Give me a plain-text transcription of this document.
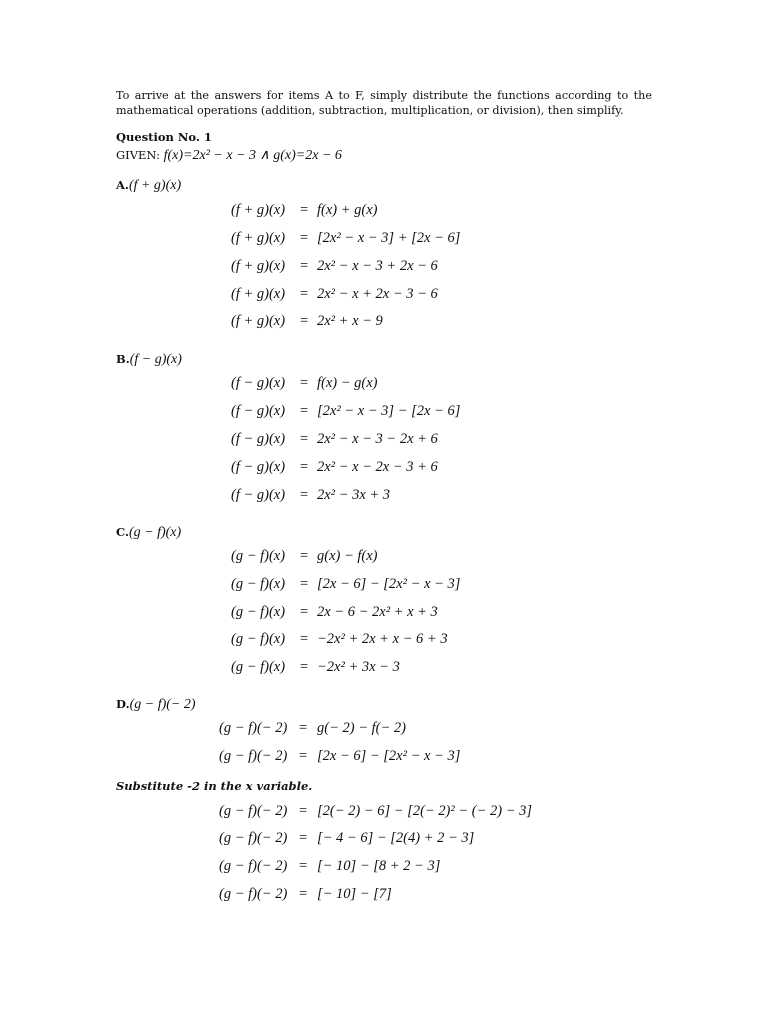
To arrive at the answers for items A to F, simply distribute the functions according to the mathematical operations (addition, subtraction, multiplication, or division), then simplify.

Question No. 1

GIVEN: f(x)=2x² − x − 3 ∧ g(x)=2x − 6

A.(f + g)(x)

(f + g)(x) = f(x) + g(x)
(f + g)(x) = [2x² − x − 3] + [2x − 6]
(f + g)(x) = 2x² − x − 3 + 2x − 6
(f + g)(x) = 2x² − x + 2x − 3 − 6
(f + g)(x) = 2x² + x − 9

B.(f − g)(x)

(f − g)(x) = f(x) − g(x)
(f − g)(x) = [2x² − x − 3] − [2x − 6]
(f − g)(x) = 2x² − x − 3 − 2x + 6
(f − g)(x) = 2x² − x − 2x − 3 + 6
(f − g)(x) = 2x² − 3x + 3

C.(g − f)(x)

(g − f)(x) = g(x) − f(x)
(g − f)(x) = [2x − 6] − [2x² − x − 3]
(g − f)(x) = 2x − 6 − 2x² + x + 3
(g − f)(x) = −2x² + 2x + x − 6 + 3
(g − f)(x) = −2x² + 3x − 3

D.(g − f)(− 2)

(g − f)(− 2) = g(− 2) − f(− 2)
(g − f)(− 2) = [2x − 6] − [2x² − x − 3]

Substitute -2 in the x variable.

(g − f)(− 2) = [2(− 2) − 6] − [2(− 2)² − (− 2) − 3]
(g − f)(− 2) = [− 4 − 6] − [2(4) + 2 − 3]
(g − f)(− 2) = [− 10] − [8 + 2 − 3]
(g − f)(− 2) = [− 10] − [7]
